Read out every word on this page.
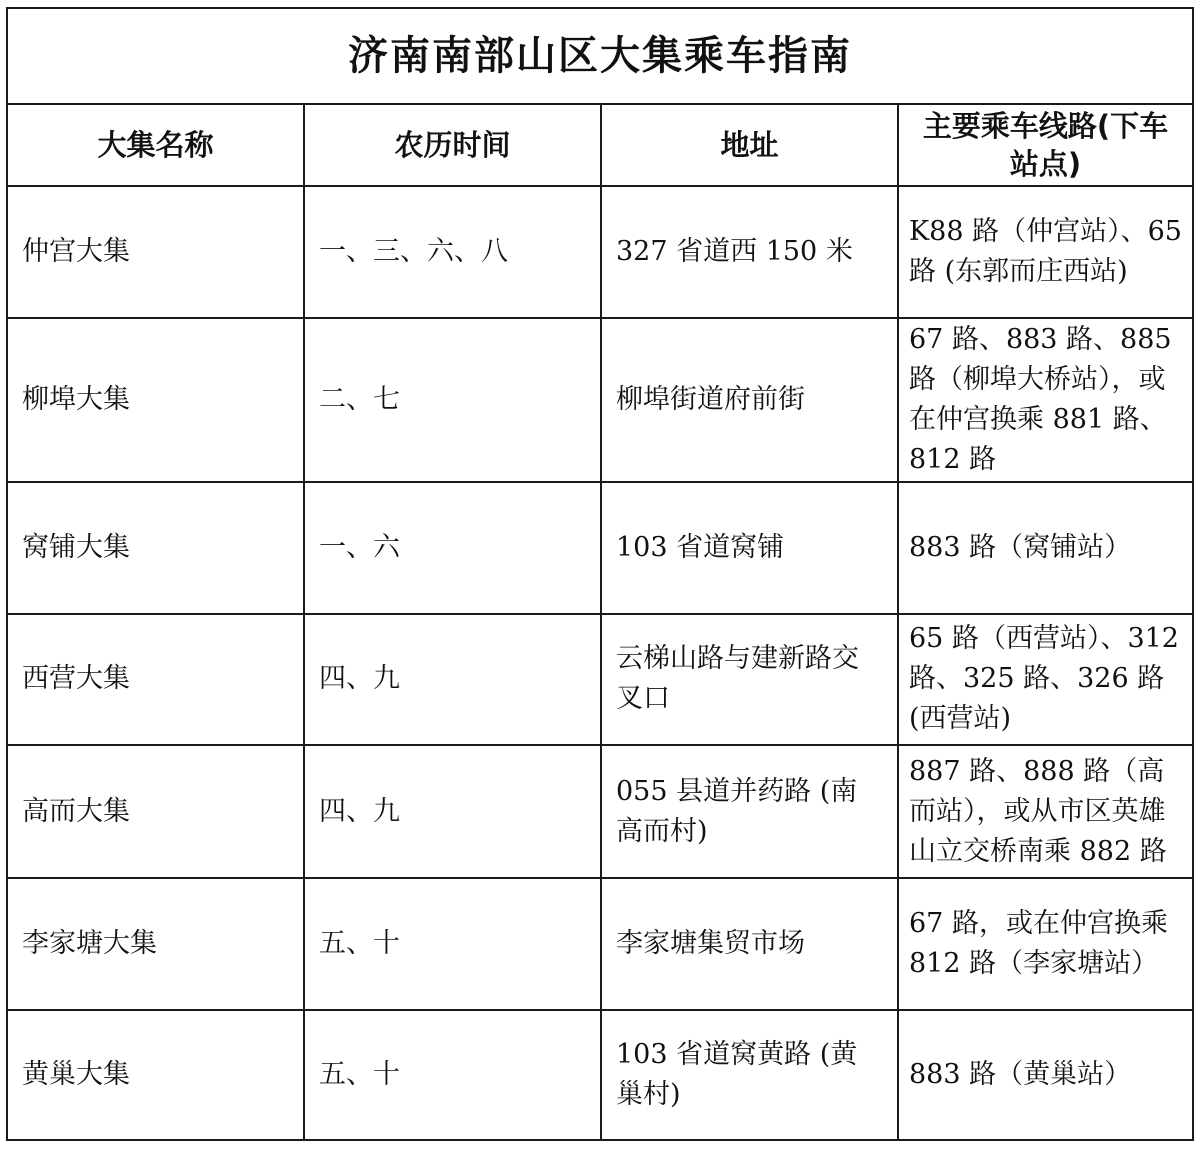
济南南部山区大集乘车指南			
大集名称	农历时间	地址	主要乘车线路(下车站点)
仲宫大集	一、三、六、八	327 省道西 150 米	K88 路（仲宫站）、65 路 (东郭而庄西站)
柳埠大集	二、七	柳埠街道府前街	67 路、883 路、885 路（柳埠大桥站），或在仲宫换乘 881 路、812 路
窝铺大集	一、六	103 省道窝铺	883 路（窝铺站）
西营大集	四、九	云梯山路与建新路交叉口	65 路（西营站）、312 路、325 路、326 路 (西营站)
高而大集	四、九	055 县道并药路 (南高而村)	887 路、888 路（高而站），或从市区英雄山立交桥南乘 882 路
李家塘大集	五、十	李家塘集贸市场	67 路，或在仲宫换乘 812 路（李家塘站）
黄巢大集	五、十	103 省道窝黄路 (黄巢村)	883 路（黄巢站）
